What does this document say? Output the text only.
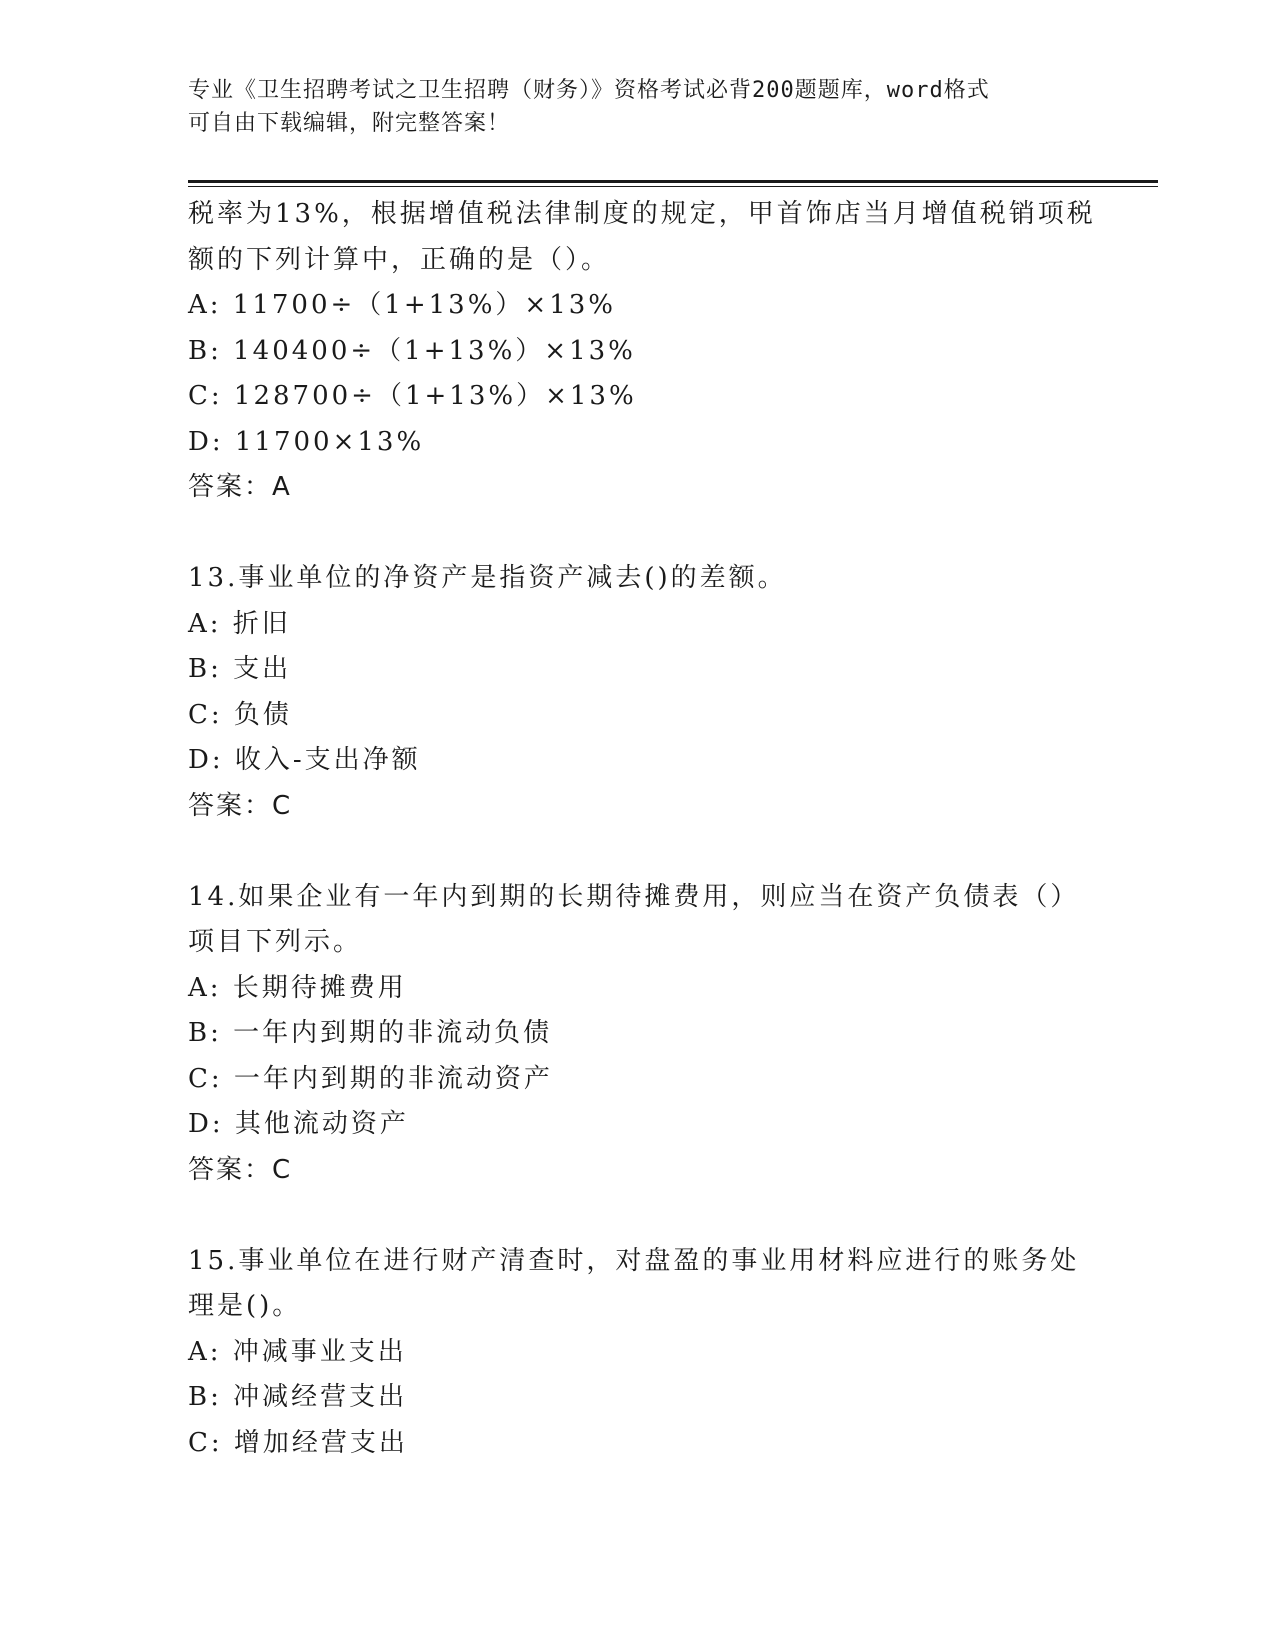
专业《卫生招聘考试之卫生招聘（财务）》资格考试必背200题题库，word格式
可自由下载编辑，附完整答案！
税率为13%，根据增值税法律制度的规定，甲首饰店当月增值税销项税
额的下列计算中，正确的是（）。
A: 11700÷（1+13%）×13%
B: 140400÷（1+13%）×13%
C: 128700÷（1+13%）×13%
D: 11700×13%
答案：A
13.事业单位的净资产是指资产减去()的差额。
A: 折旧
B: 支出
C: 负债
D: 收入-支出净额
答案：C
14.如果企业有一年内到期的长期待摊费用，则应当在资产负债表（）
项目下列示。
A: 长期待摊费用
B: 一年内到期的非流动负债
C: 一年内到期的非流动资产
D: 其他流动资产
答案：C
15.事业单位在进行财产清查时，对盘盈的事业用材料应进行的账务处
理是()。
A: 冲减事业支出
B: 冲减经营支出
C: 增加经营支出
